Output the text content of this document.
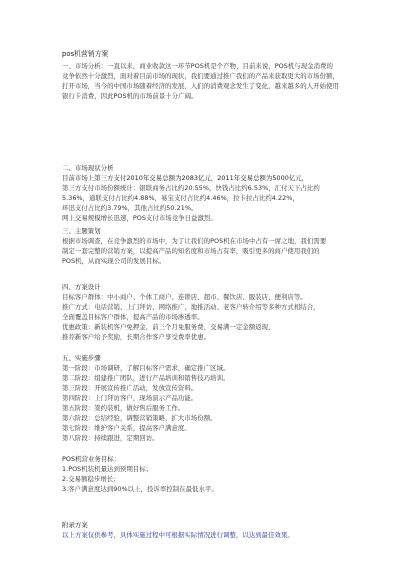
pos机营销方案
一、市场分析：一直以来，商业收款这一环节POS机是个产物，目前来说，POS机与现金消费的
竞争依然十分激烈，面对着目前市场的现状，我们要通过推广我们的产品来获取更大的市场份额，
打开市场，当今的中国市场随着经济的发展，人们的消费观念发生了变化，越来越多的人开始使用
银行卡消费，因此POS机的市场前景十分广阔。
二、市场现状分析
目前市场上第三方支付2010年交易总额为2083亿元，2011年交易总额为5000亿元，
第三方支付市场份额统计：银联商务占比约20.55%，快钱占比约6.53%，汇付天下占比约
5.36%，通联支付占比约4.88%，易宝支付占比约4.46%，拉卡拉占比约4.22%，
环迅支付占比约3.79%，其他占比约50.21%。
网上交易规模增长迅速，POS支付市场竞争日益激烈。
三、主题策划
根据市场调查，在竞争激烈的市场中，为了让我们的POS机在市场中占有一席之地，我们需要
制定一套完整的营销方案，以提高产品的知名度和市场占有率，吸引更多的商户使用我们的
POS机，从而实现公司的发展目标。
四、方案设计
目标客户群体：中小商户、个体工商户、连锁店、超市、餐饮店、服装店、便利店等。
推广方式：电话营销、上门拜访、网络推广、地推活动、老客户转介绍等多种方式相结合，
全面覆盖目标客户群体，提高产品的市场渗透率。
优惠政策：新装机客户免押金，前三个月免服务费，交易满一定金额返现，
推荐新客户给予奖励，长期合作客户享受费率优惠。
五、实施步骤
第一阶段：市场调研，了解目标客户需求，确定推广区域。
第二阶段：组建推广团队，进行产品培训和销售技巧培训。
第三阶段：开展宣传推广活动，发放宣传资料。
第四阶段：上门拜访客户，现场演示产品功能。
第五阶段：签约装机，做好售后服务工作。
第六阶段：总结经验，调整营销策略，扩大市场份额。
第七阶段：维护客户关系，提高客户满意度。
第八阶段：持续跟进，定期回访。
POS机营业务目标：
1.POS机装机量达到预期目标；
2.交易额稳步增长；
3.客户满意度达到90%以上，投诉率控制在最低水平。
附录方案
以上方案仅供参考，具体实施过程中可根据实际情况进行调整，以达到最佳效果。
